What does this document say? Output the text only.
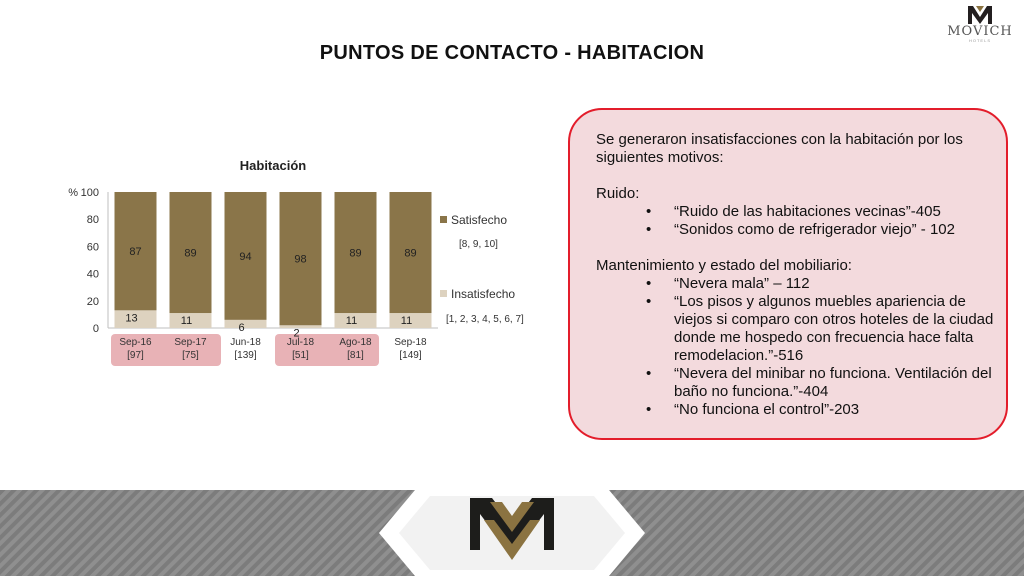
MOVICH
HOTELS
PUNTOS DE CONTACTO - HABITACION
Habitación
0
20
40
60
80
100
%
87
13
Sep-16
[97]
89
11
Sep-17
[75]
94
6
Jun-18
[139]
98
2
Jul-18
[51]
89
11
Ago-18
[81]
89
11
Sep-18
[149]
Satisfecho
[8, 9, 10]
Insatisfecho
[1, 2, 3, 4, 5, 6, 7]

Se generaron insatisfacciones con la habitación por los siguientes motivos:

Ruido:

• “Ruido de las habitaciones vecinas”-405
• “Sonidos como de refrigerador viejo” - 102

Mantenimiento y estado del mobiliario:

• “Nevera mala” – 112
• “Los pisos y algunos muebles apariencia de viejos si comparo con otros hoteles de la ciudad donde me hospedo con frecuencia hace falta remodelacion.”-516
• “Nevera del minibar no funciona. Ventilación del baño no funciona.”-404
• “No funciona el control”-203
